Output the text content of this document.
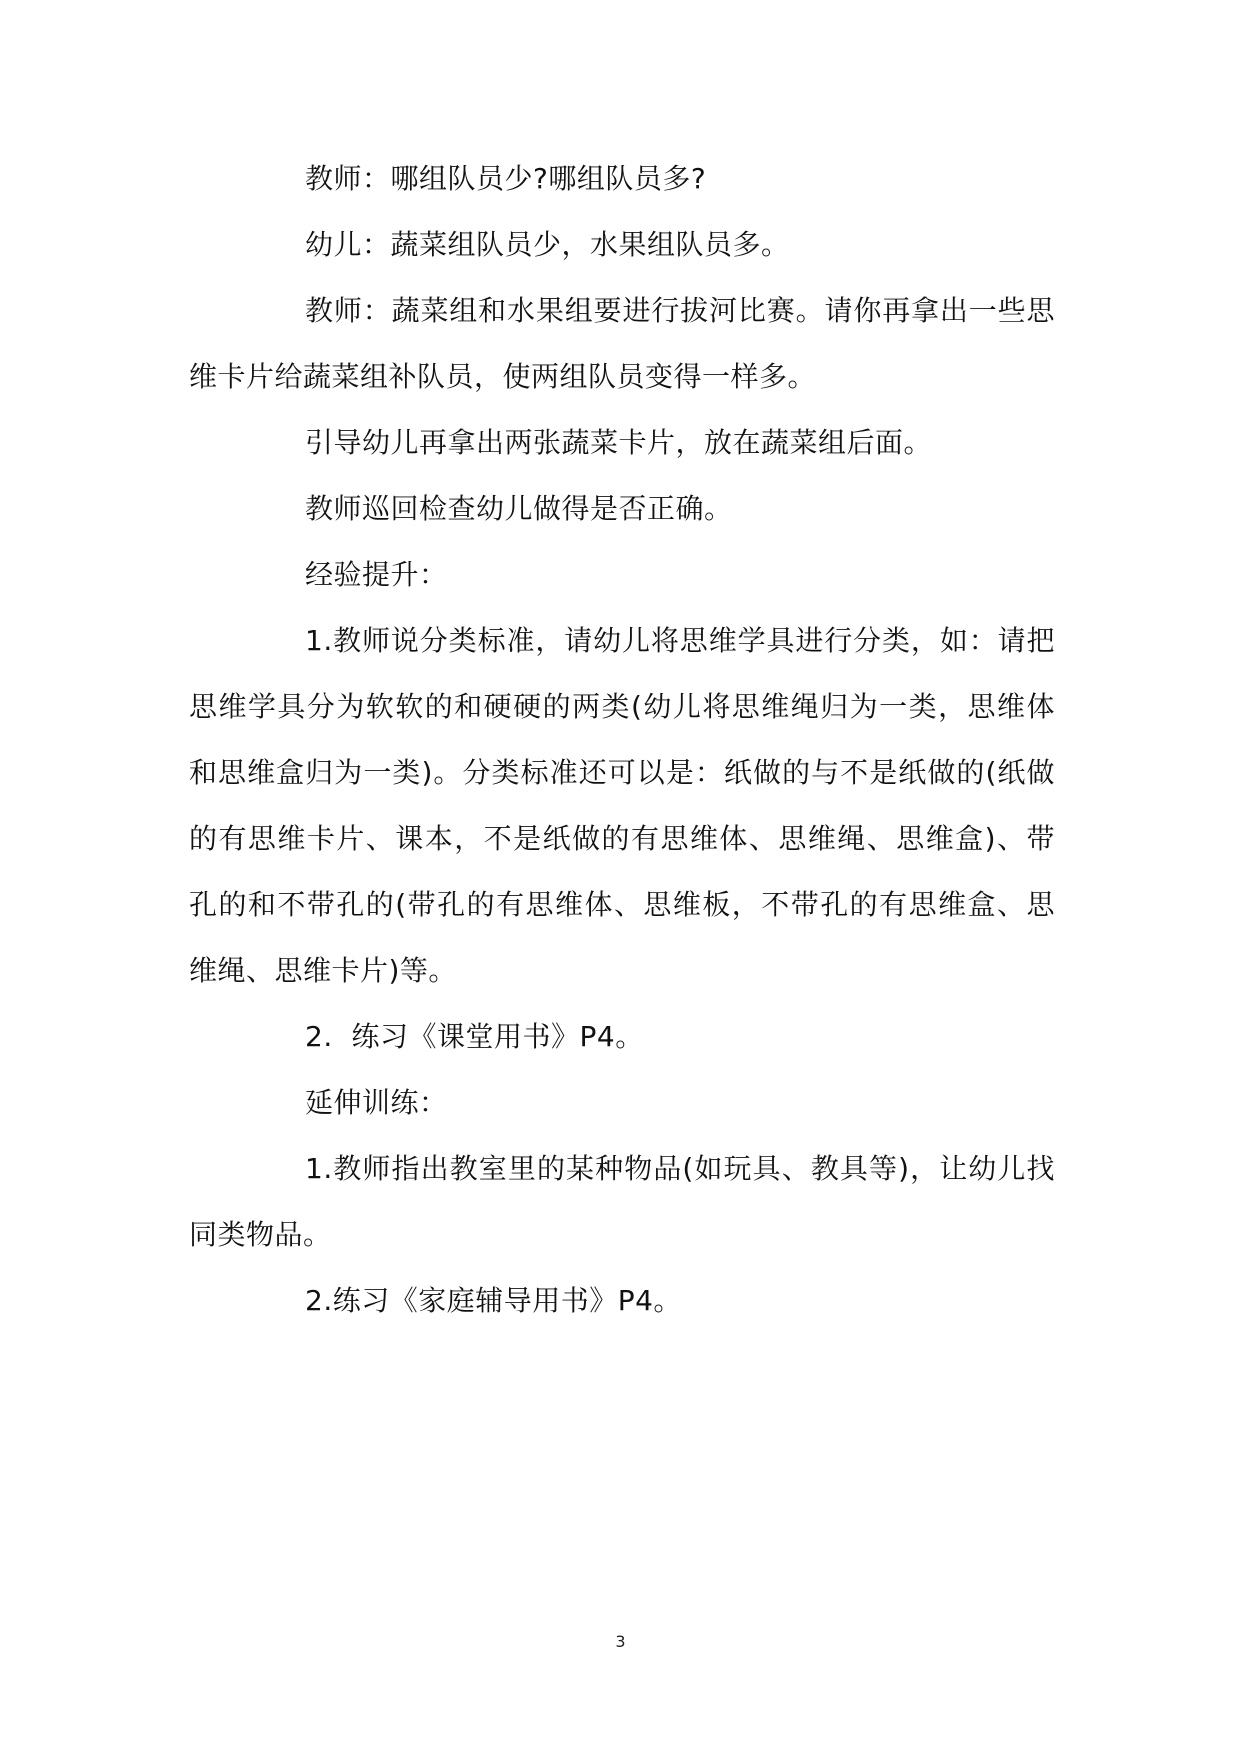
教师：哪组队员少?哪组队员多?

幼儿：蔬菜组队员少，水果组队员多。

教师：蔬菜组和水果组要进行拔河比赛。请你再拿出一些思维卡片给蔬菜组补队员，使两组队员变得一样多。

引导幼儿再拿出两张蔬菜卡片，放在蔬菜组后面。

教师巡回检查幼儿做得是否正确。

经验提升：

1.教师说分类标准，请幼儿将思维学具进行分类，如：请把思维学具分为软软的和硬硬的两类(幼儿将思维绳归为一类，思维体和思维盒归为一类)。分类标准还可以是：纸做的与不是纸做的(纸做的有思维卡片、课本，不是纸做的有思维体、思维绳、思维盒)、带孔的和不带孔的(带孔的有思维体、思维板，不带孔的有思维盒、思维绳、思维卡片)等。

2.  练习《课堂用书》P4。

延伸训练：

1.教师指出教室里的某种物品(如玩具、教具等)，让幼儿找同类物品。

2.练习《家庭辅导用书》P4。

3
